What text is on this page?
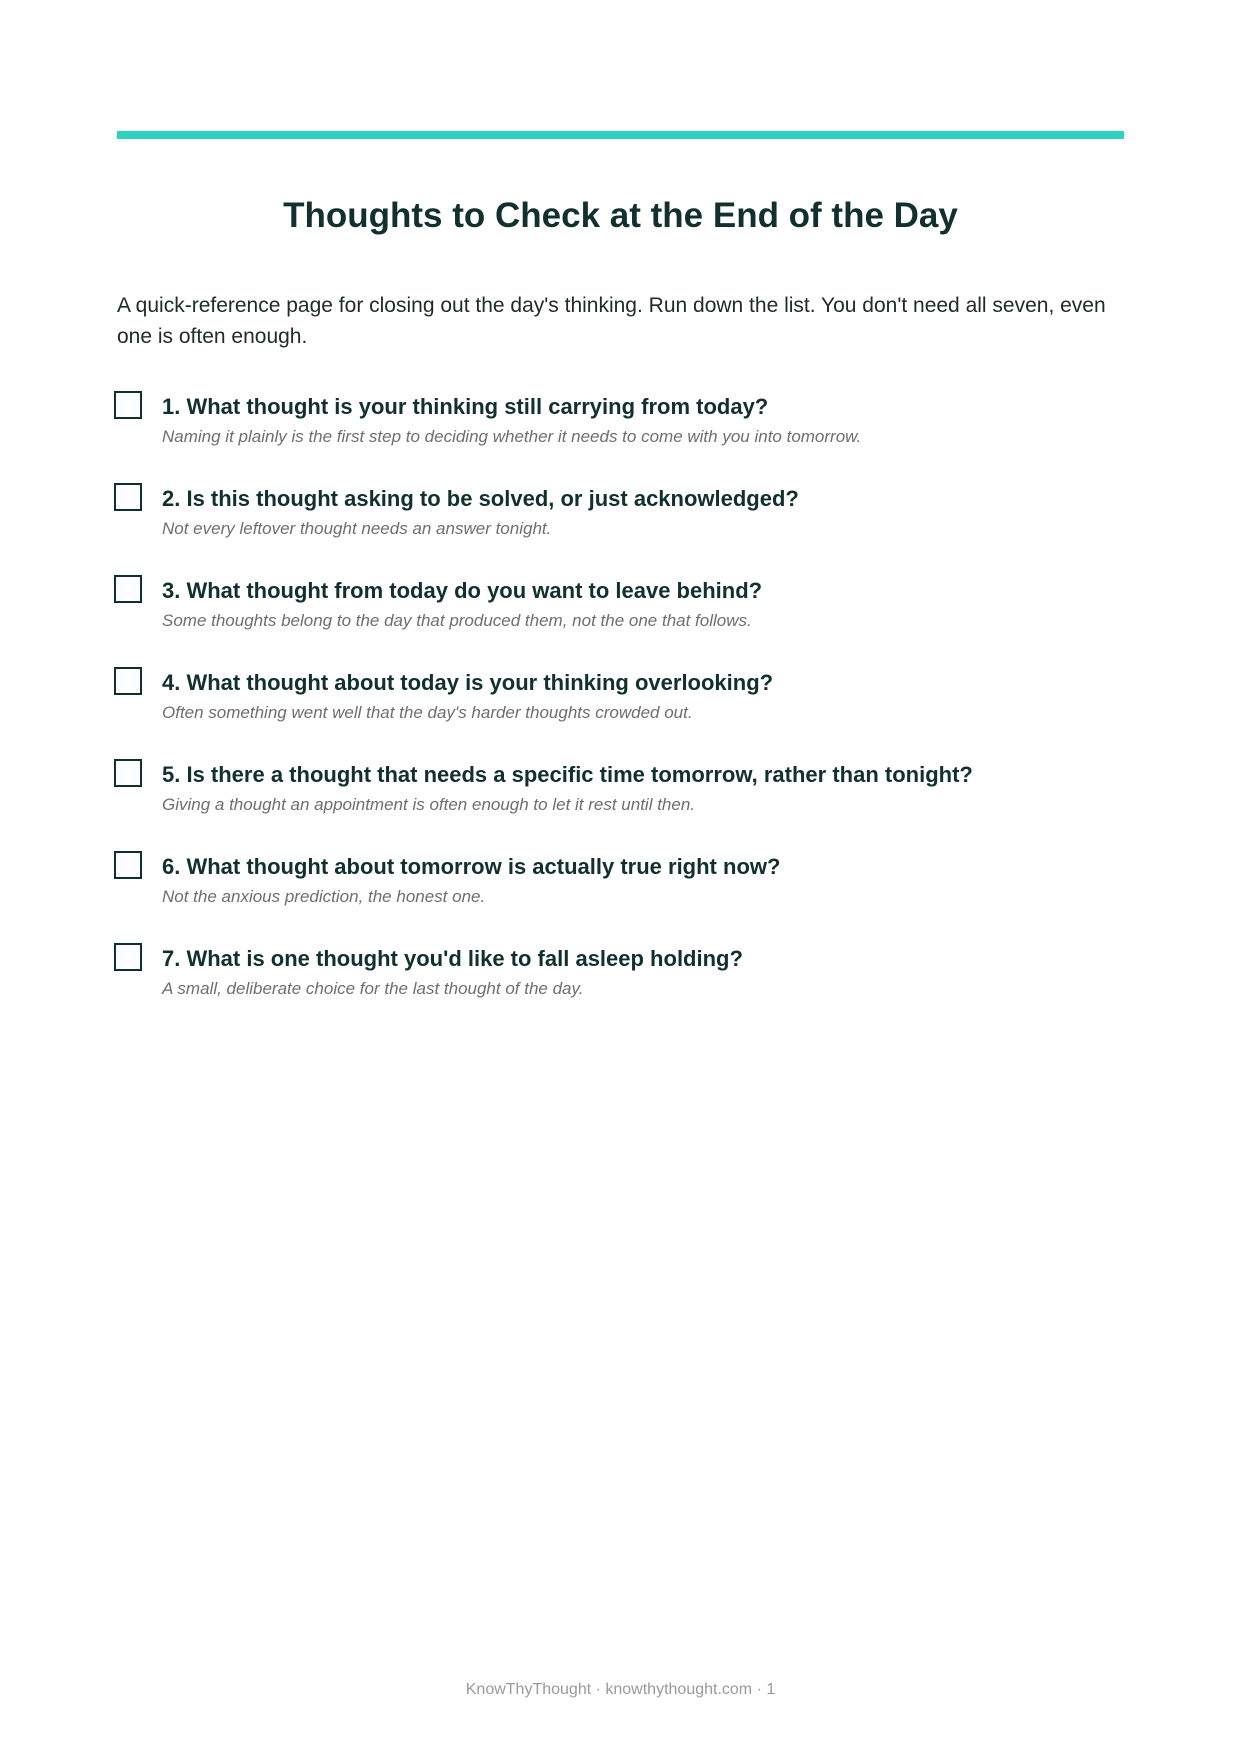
Thoughts to Check at the End of the Day

A quick-reference page for closing out the day's thinking. Run down the list. You don't need all seven, even one is often enough.

1. What thought is your thinking still carrying from today?

Naming it plainly is the first step to deciding whether it needs to come with you into tomorrow.

2. Is this thought asking to be solved, or just acknowledged?

Not every leftover thought needs an answer tonight.

3. What thought from today do you want to leave behind?

Some thoughts belong to the day that produced them, not the one that follows.

4. What thought about today is your thinking overlooking?

Often something went well that the day's harder thoughts crowded out.

5. Is there a thought that needs a specific time tomorrow, rather than tonight?

Giving a thought an appointment is often enough to let it rest until then.

6. What thought about tomorrow is actually true right now?

Not the anxious prediction, the honest one.

7. What is one thought you'd like to fall asleep holding?

A small, deliberate choice for the last thought of the day.

KnowThyThought · knowthythought.com · 1
